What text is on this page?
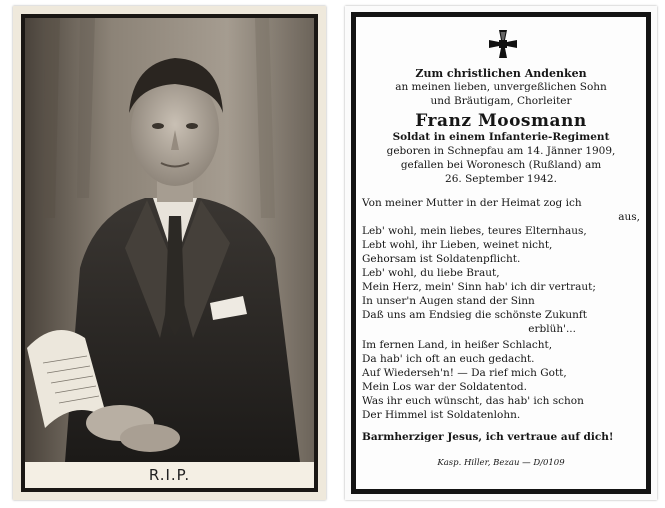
R.I.P.
Zum christlichen Andenken
an meinen lieben, unvergeßlichen Sohn
und Bräutigam, Chorleiter
Franz Moosmann
Soldat in einem Infanterie-Regiment
geboren in Schnepfau am 14. Jänner 1909,
gefallen bei Woronesch (Rußland) am
26. September 1942.
Von meiner Mutter in der Heimat zog ich
aus,
Leb' wohl, mein liebes, teures Elternhaus,
Lebt wohl, ihr Lieben, weinet nicht,
Gehorsam ist Soldatenpflicht.
Leb' wohl, du liebe Braut,
Mein Herz, mein' Sinn hab' ich dir vertraut;
In unser'n Augen stand der Sinn
Daß uns am Endsieg die schönste Zukunft
erblüh'...
Im fernen Land, in heißer Schlacht,
Da hab' ich oft an euch gedacht.
Auf Wiederseh'n! — Da rief mich Gott,
Mein Los war der Soldatentod.
Was ihr euch wünscht, das hab' ich schon
Der Himmel ist Soldatenlohn.
Barmherziger Jesus, ich vertraue auf dich!
Kasp. Hiller, Bezau — D/0109
